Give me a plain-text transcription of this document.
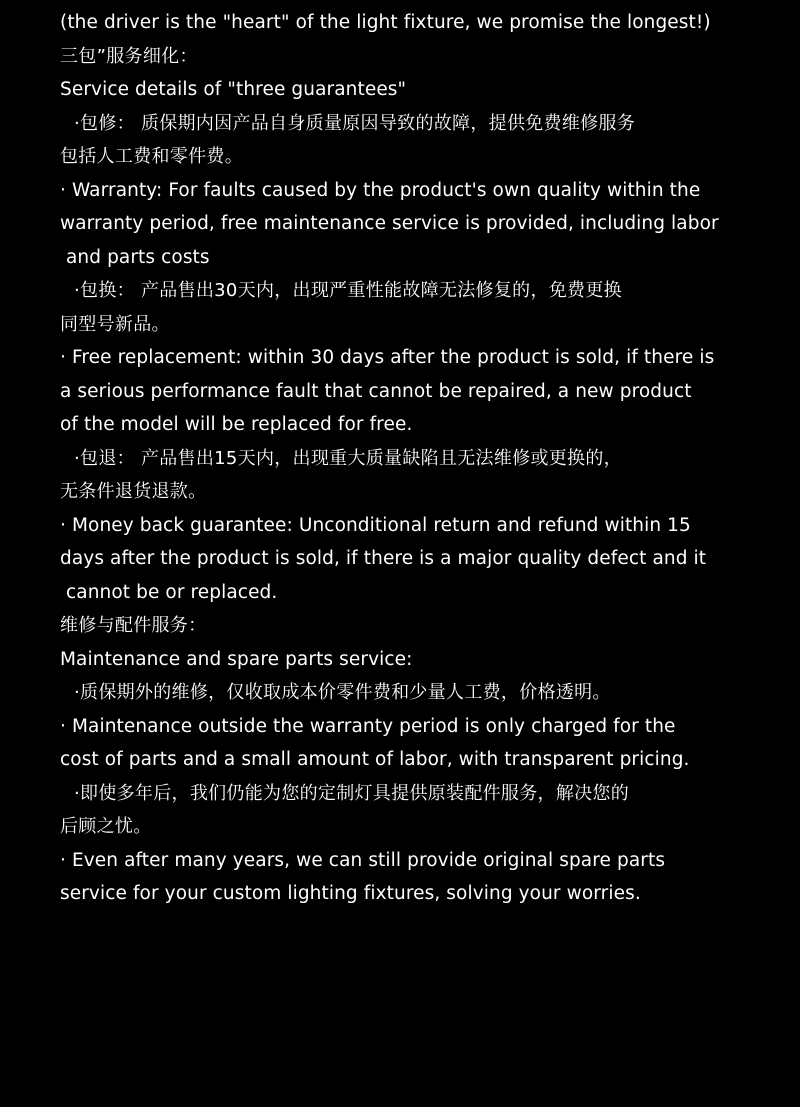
(the driver is the "heart" of the light fixture, we promise the longest!)
三包”服务细化：
Service details of "three guarantees"
·包修： 质保期内因产品自身质量原因导致的故障，提供免费维修服务
包括人工费和零件费。
· Warranty: For faults caused by the product's own quality within the
warranty period, free maintenance service is provided, including labor
and parts costs
·包换： 产品售出30天内，出现严重性能故障无法修复的，免费更换
同型号新品。
· Free replacement: within 30 days after the product is sold, if there is
a serious performance fault that cannot be repaired, a new product
of the model will be replaced for free.
·包退： 产品售出15天内，出现重大质量缺陷且无法维修或更换的，
无条件退货退款。
· Money back guarantee: Unconditional return and refund within 15
days after the product is sold, if there is a major quality defect and it
cannot be or replaced.
维修与配件服务：
Maintenance and spare parts service:
·质保期外的维修，仅收取成本价零件费和少量人工费，价格透明。
· Maintenance outside the warranty period is only charged for the
cost of parts and a small amount of labor, with transparent pricing.
·即使多年后，我们仍能为您的定制灯具提供原装配件服务，解决您的
后顾之忧。
· Even after many years, we can still provide original spare parts
service for your custom lighting fixtures, solving your worries.
